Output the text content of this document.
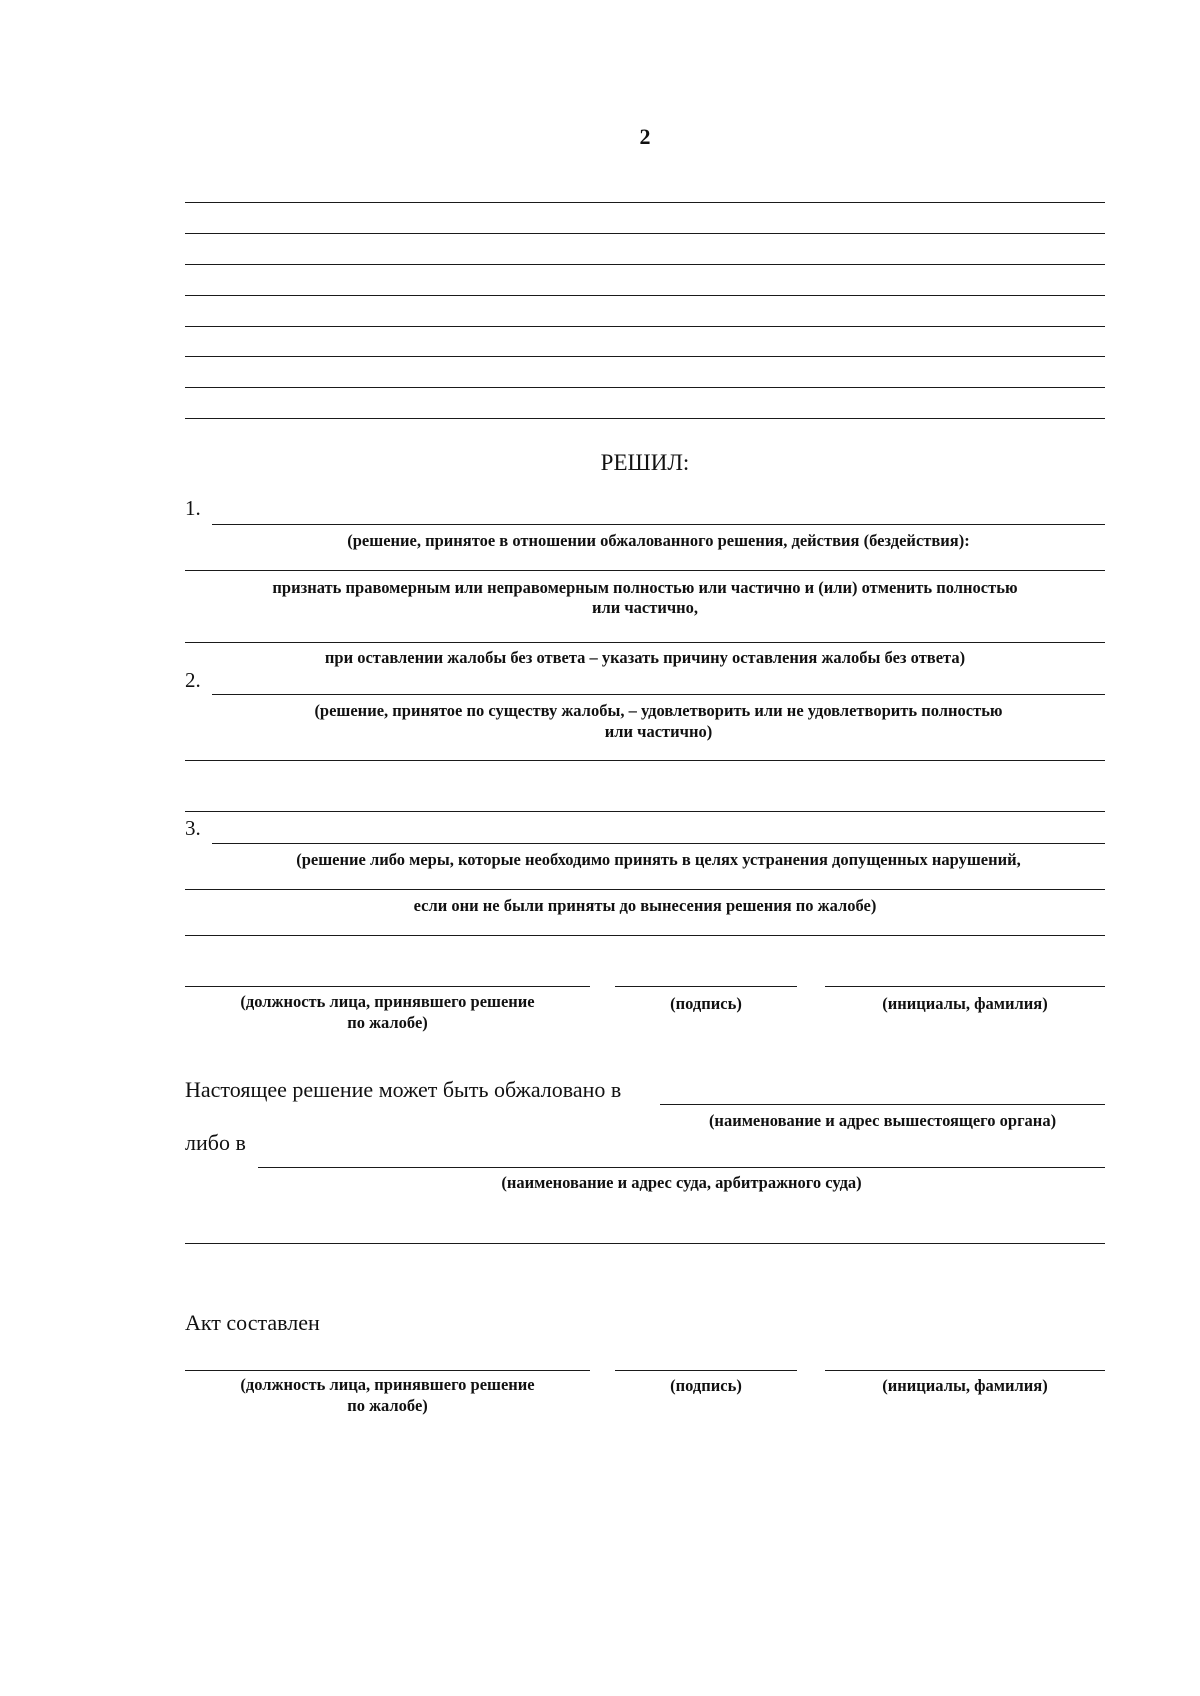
2
РЕШИЛ:
1.
(решение, принятое в отношении обжалованного решения, действия (бездействия):
признать правомерным или неправомерным полностью или частично и (или) отменить полностью
или частично,
при оставлении жалобы без ответа – указать причину оставления жалобы без ответа)
2.
(решение, принятое по существу жалобы, – удовлетворить или не удовлетворить полностью
или частично)
3.
(решение либо меры, которые необходимо принять в целях устранения допущенных нарушений,
если они не были приняты до вынесения решения по жалобе)
(должность лица, принявшего решение
по жалобе)
(подпись)	(инициалы, фамилия)
Настоящее решение может быть обжаловано в
(наименование и адрес вышестоящего органа)
либо в
(наименование и адрес суда, арбитражного суда)
Акт составлен
(должность лица, принявшего решение
по жалобе)
(подпись)	(инициалы, фамилия)
